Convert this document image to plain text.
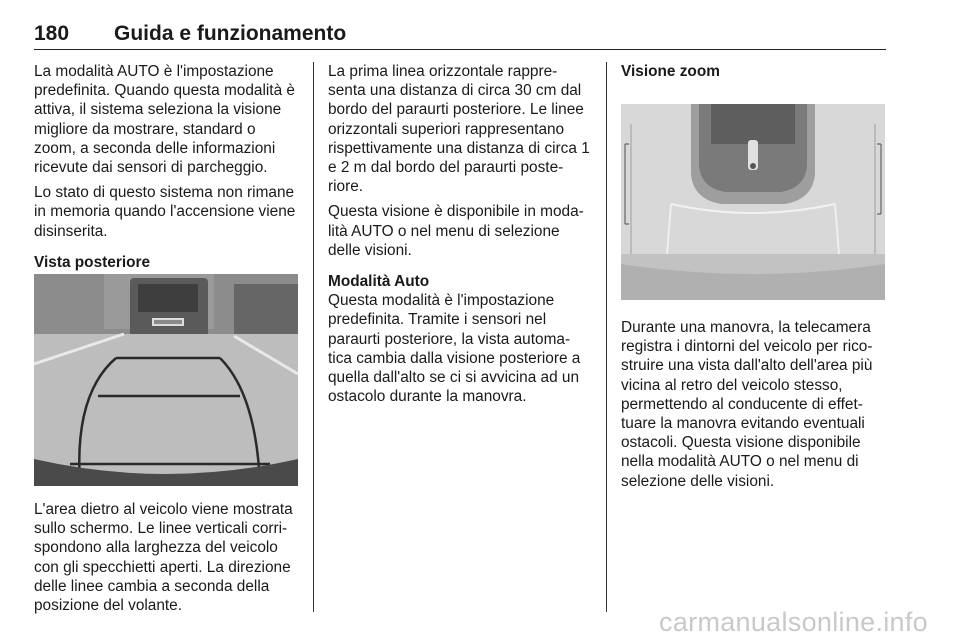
180 Guida e funzionamento

La modalità AUTO è l'impostazione predefinita. Quando questa modalità è attiva, il sistema seleziona la visione migliore da mostrare, standard o zoom, a seconda delle informazioni ricevute dai sensori di parcheggio.

Lo stato di questo sistema non rimane in memoria quando l'accensione viene disinserita.

Vista posteriore

L'area dietro al veicolo viene mostrata sullo schermo. Le linee verticali corri-spondono alla larghezza del veicolo con gli specchietti aperti. La direzione delle linee cambia a seconda della posizione del volante.

La prima linea orizzontale rappre-senta una distanza di circa 30 cm dal bordo del paraurti posteriore. Le linee orizzontali superiori rappresentano rispettivamente una distanza di circa 1 e 2 m dal bordo del paraurti poste-riore.

Questa visione è disponibile in moda-lità AUTO o nel menu di selezione delle visioni.

Modalità Auto

Questa modalità è l'impostazione predefinita. Tramite i sensori nel paraurti posteriore, la vista automa-tica cambia dalla visione posteriore a quella dall'alto se ci si avvicina ad un ostacolo durante la manovra.

Visione zoom

Durante una manovra, la telecamera registra i dintorni del veicolo per rico-struire una vista dall'alto dell'area più vicina al retro del veicolo stesso, permettendo al conducente di effet-tuare la manovra evitando eventuali ostacoli. Questa visione disponibile nella modalità AUTO o nel menu di selezione delle visioni.

carmanualsonline.info
